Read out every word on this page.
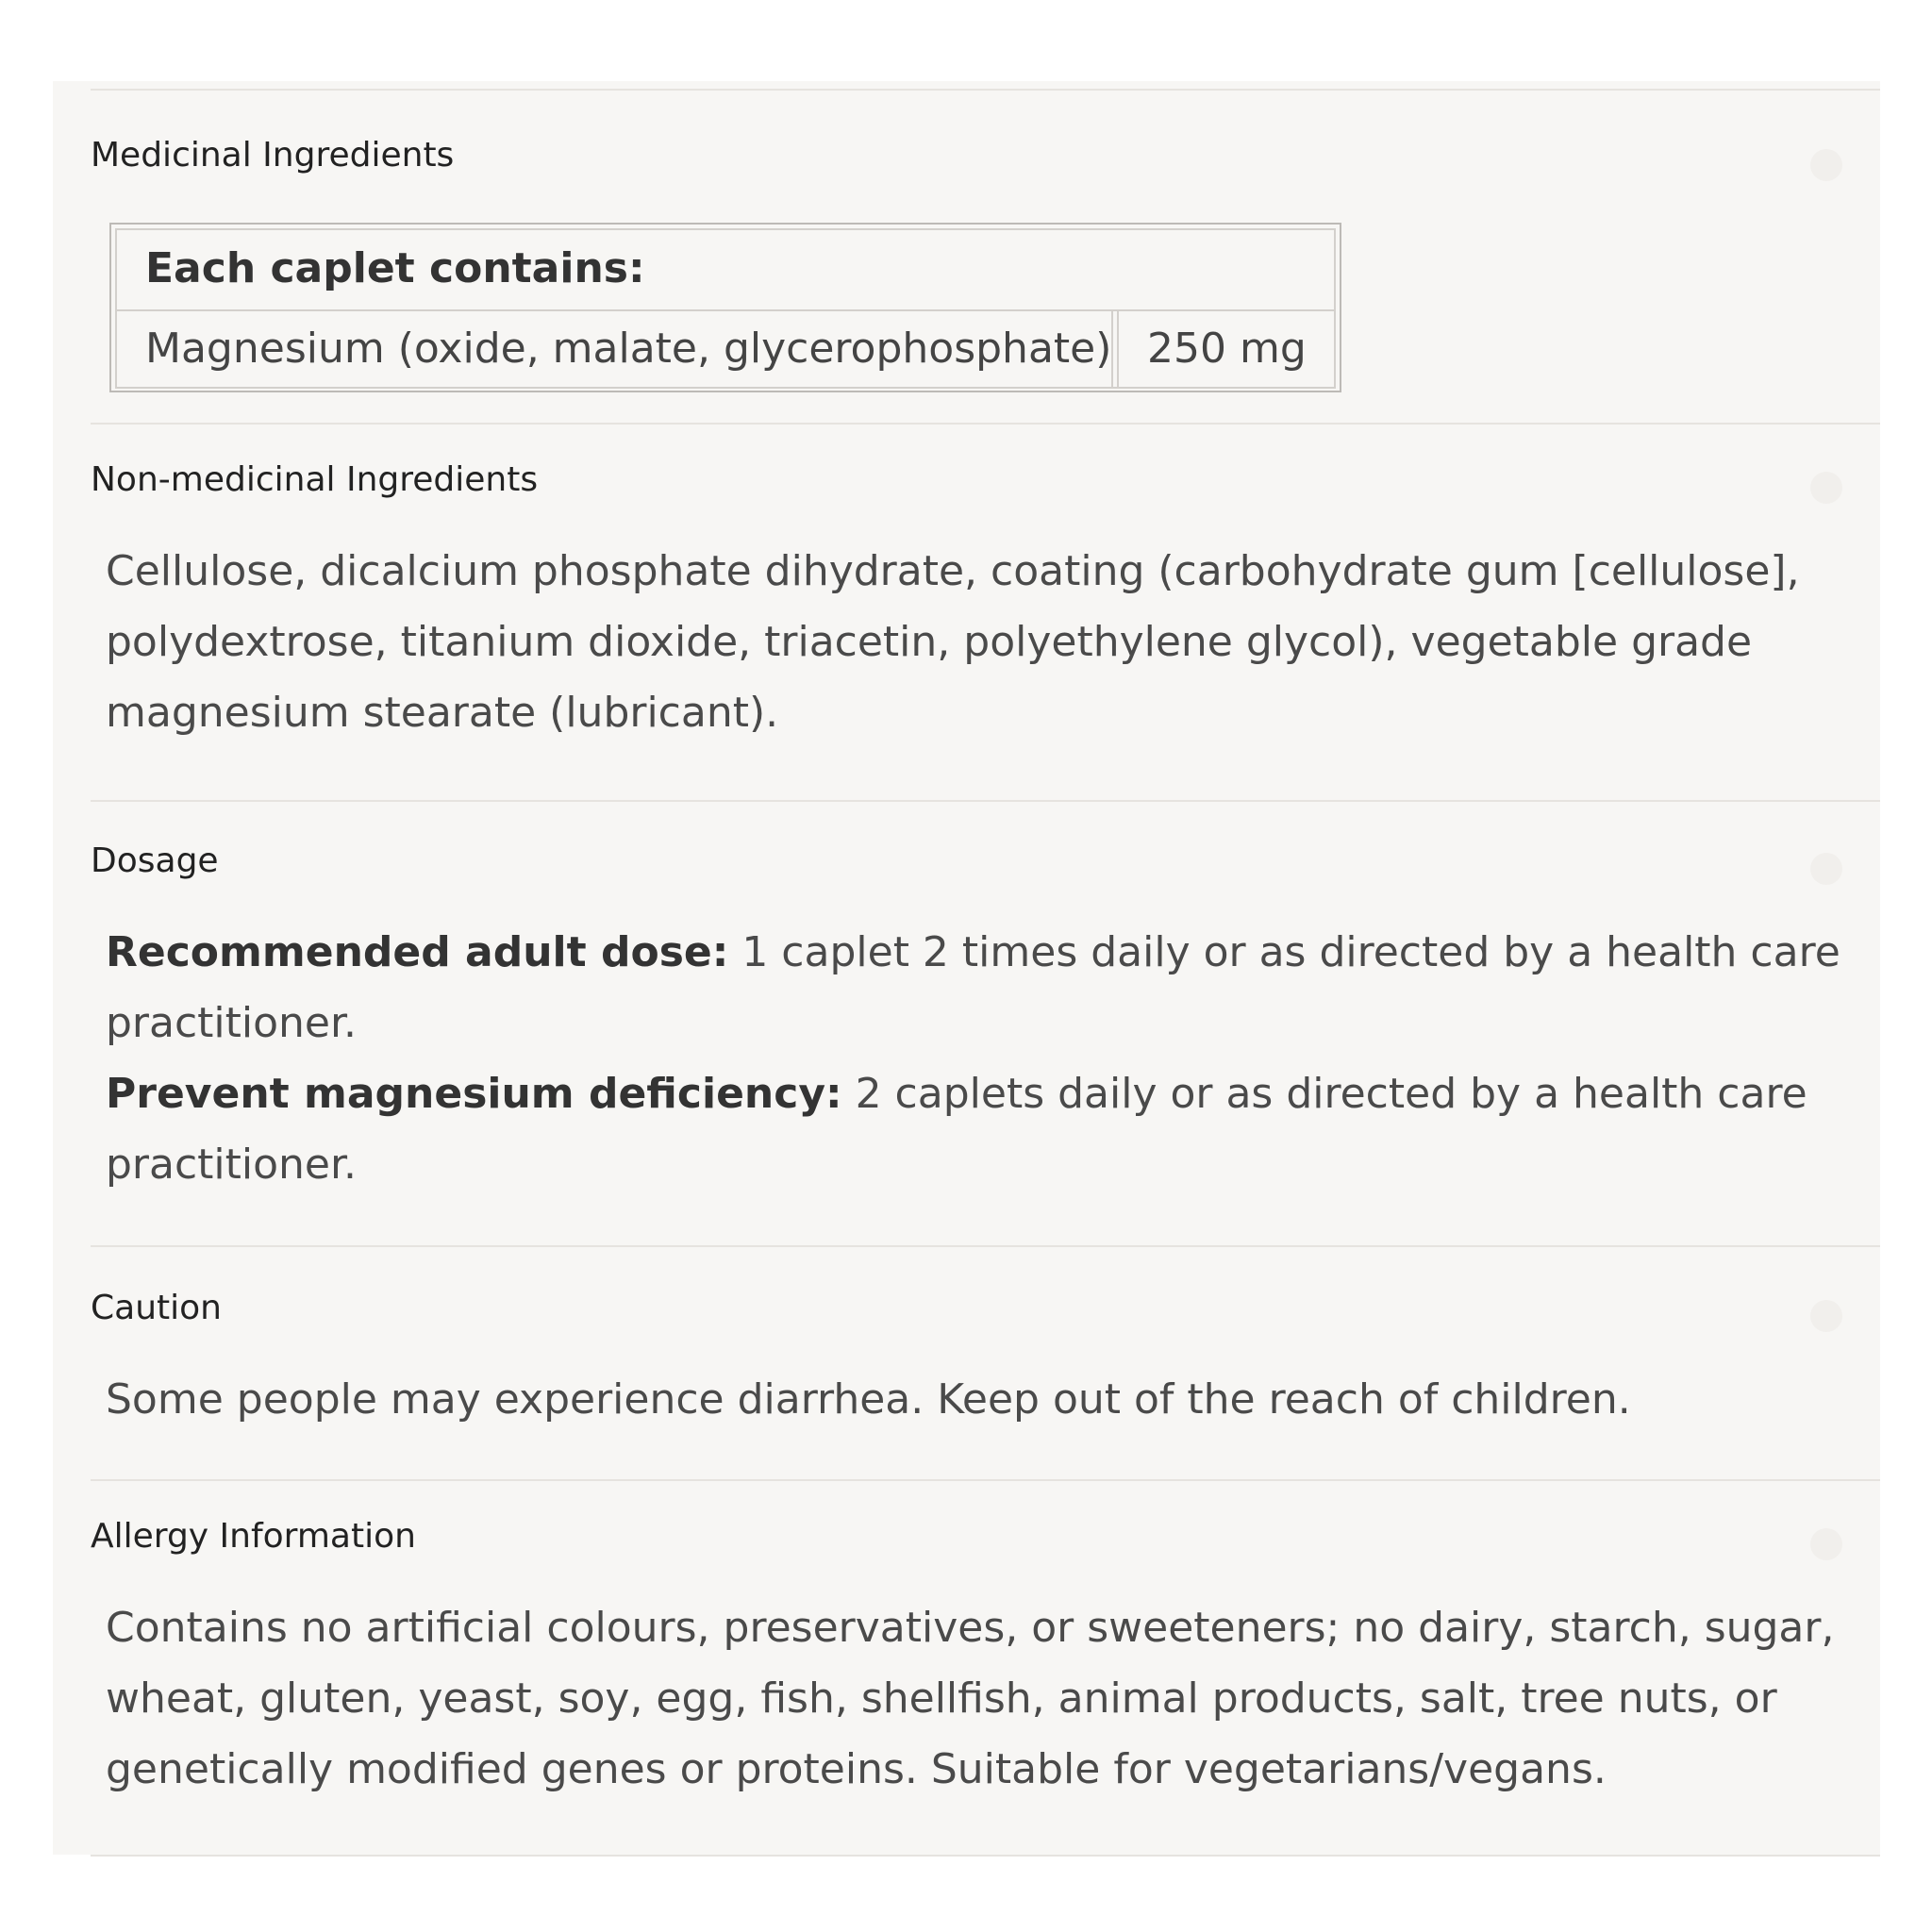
Medicinal Ingredients
Each caplet contains:
Magnesium (oxide, malate, glycerophosphate) 250 mg
Non-medicinal Ingredients
Cellulose, dicalcium phosphate dihydrate, coating (carbohydrate gum [cellulose], polydextrose, titanium dioxide, triacetin, polyethylene glycol), vegetable grade magnesium stearate (lubricant).
Dosage
Recommended adult dose: 1 caplet 2 times daily or as directed by a health care practitioner.
Prevent magnesium deficiency: 2 caplets daily or as directed by a health care practitioner.
Caution
Some people may experience diarrhea. Keep out of the reach of children.
Allergy Information
Contains no artificial colours, preservatives, or sweeteners; no dairy, starch, sugar, wheat, gluten, yeast, soy, egg, fish, shellfish, animal products, salt, tree nuts, or genetically modified genes or proteins. Suitable for vegetarians/vegans.
